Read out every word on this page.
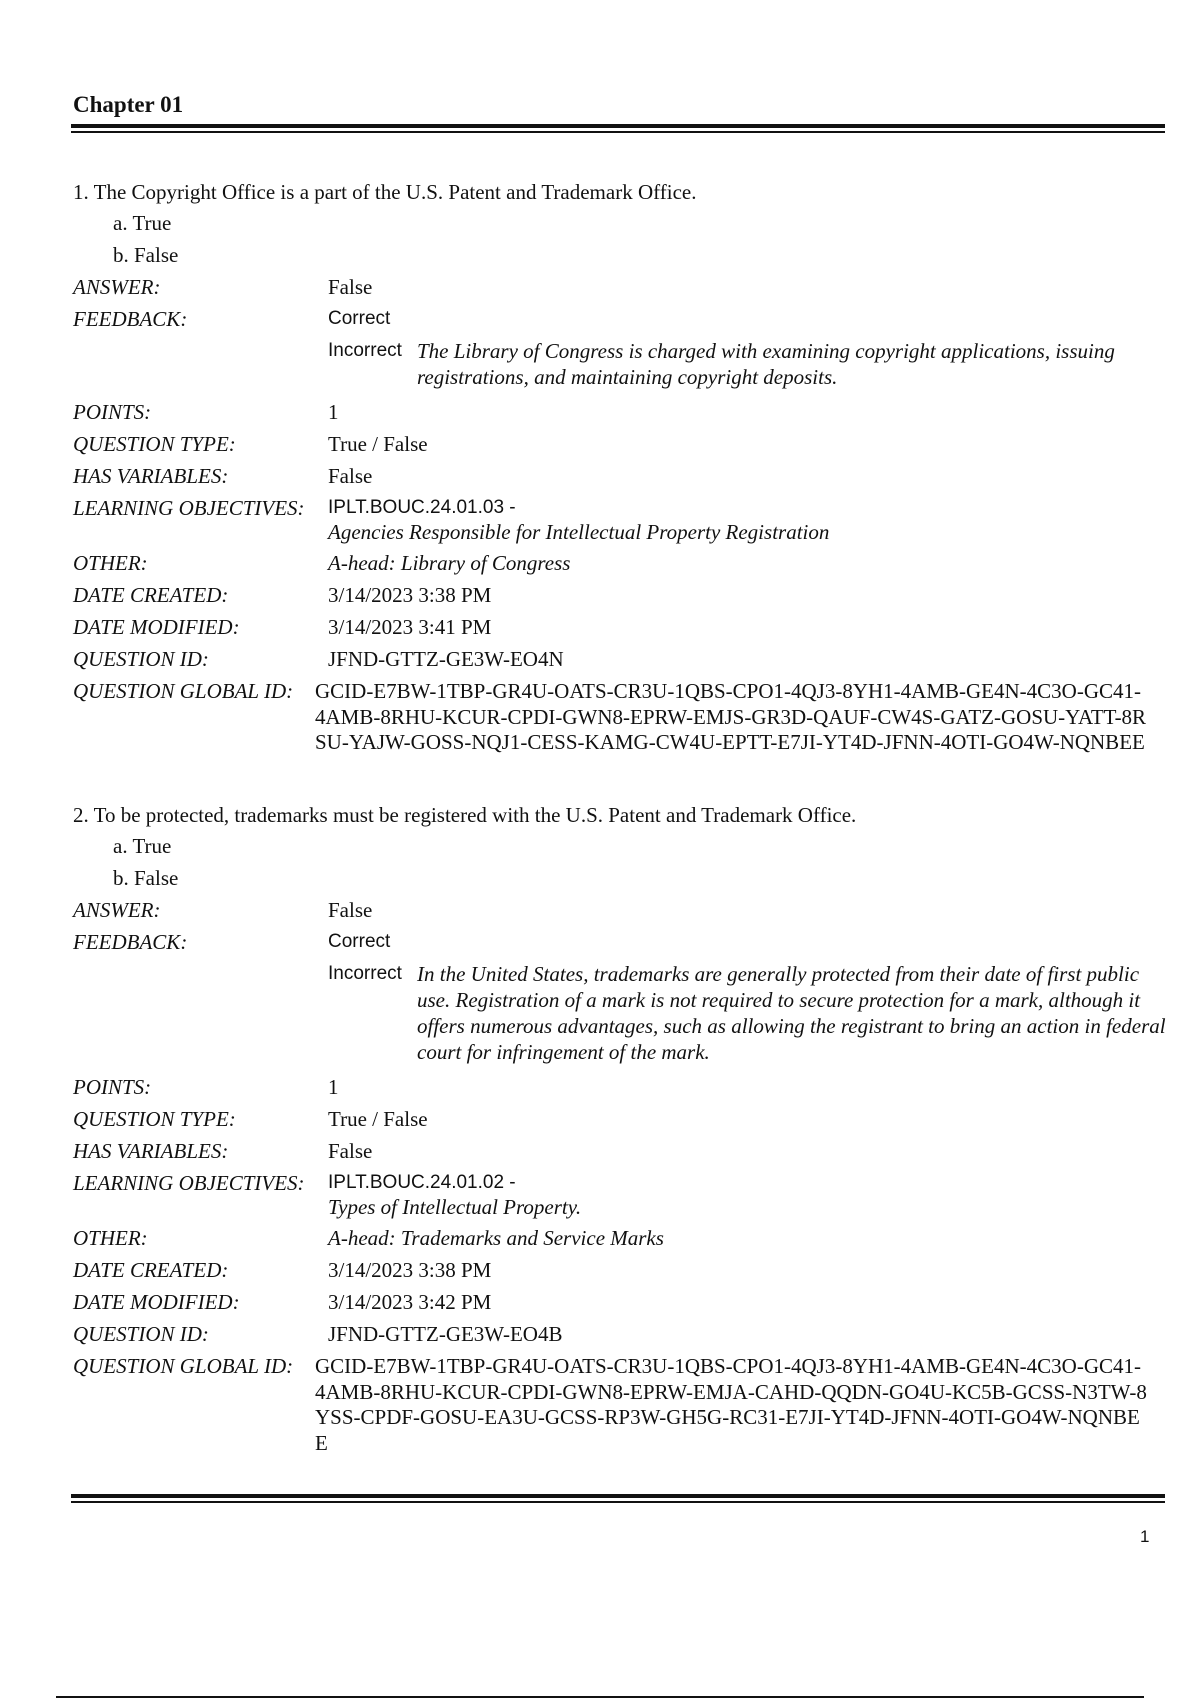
Chapter 01
1. The Copyright Office is a part of the U.S. Patent and Trademark Office.
a. True
b. False
ANSWER:	False
FEEDBACK:	Correct
Incorrect The Library of Congress is charged with examining copyright applications, issuing registrations, and maintaining copyright deposits.
POINTS:	1
QUESTION TYPE:	True / False
HAS VARIABLES:	False
LEARNING OBJECTIVES:	IPLT.BOUC.24.01.03 -
Agencies Responsible for Intellectual Property Registration
OTHER:	A-head: Library of Congress
DATE CREATED:	3/14/2023 3:38 PM
DATE MODIFIED:	3/14/2023 3:41 PM
QUESTION ID:	JFND-GTTZ-GE3W-EO4N
QUESTION GLOBAL ID:	GCID-E7BW-1TBP-GR4U-OATS-CR3U-1QBS-CPO1-4QJ3-8YH1-4AMB-GE4N-4C3O-GC41-4AMB-8RHU-KCUR-CPDI-GWN8-EPRW-EMJS-GR3D-QAUF-CW4S-GATZ-GOSU-YATT-8RSU-YAJW-GOSS-NQJ1-CESS-KAMG-CW4U-EPTT-E7JI-YT4D-JFNN-4OTI-GO4W-NQNBEE
2. To be protected, trademarks must be registered with the U.S. Patent and Trademark Office.
a. True
b. False
ANSWER:	False
FEEDBACK:	Correct
Incorrect In the United States, trademarks are generally protected from their date of first public use. Registration of a mark is not required to secure protection for a mark, although it offers numerous advantages, such as allowing the registrant to bring an action in federal court for infringement of the mark.
POINTS:	1
QUESTION TYPE:	True / False
HAS VARIABLES:	False
LEARNING OBJECTIVES:	IPLT.BOUC.24.01.02 -
Types of Intellectual Property.
OTHER:	A-head: Trademarks and Service Marks
DATE CREATED:	3/14/2023 3:38 PM
DATE MODIFIED:	3/14/2023 3:42 PM
QUESTION ID:	JFND-GTTZ-GE3W-EO4B
QUESTION GLOBAL ID:	GCID-E7BW-1TBP-GR4U-OATS-CR3U-1QBS-CPO1-4QJ3-8YH1-4AMB-GE4N-4C3O-GC41-4AMB-8RHU-KCUR-CPDI-GWN8-EPRW-EMJA-CAHD-QQDN-GO4U-KC5B-GCSS-N3TW-8YSS-CPDF-GOSU-EA3U-GCSS-RP3W-GH5G-RC31-E7JI-YT4D-JFNN-4OTI-GO4W-NQNBEE
1
